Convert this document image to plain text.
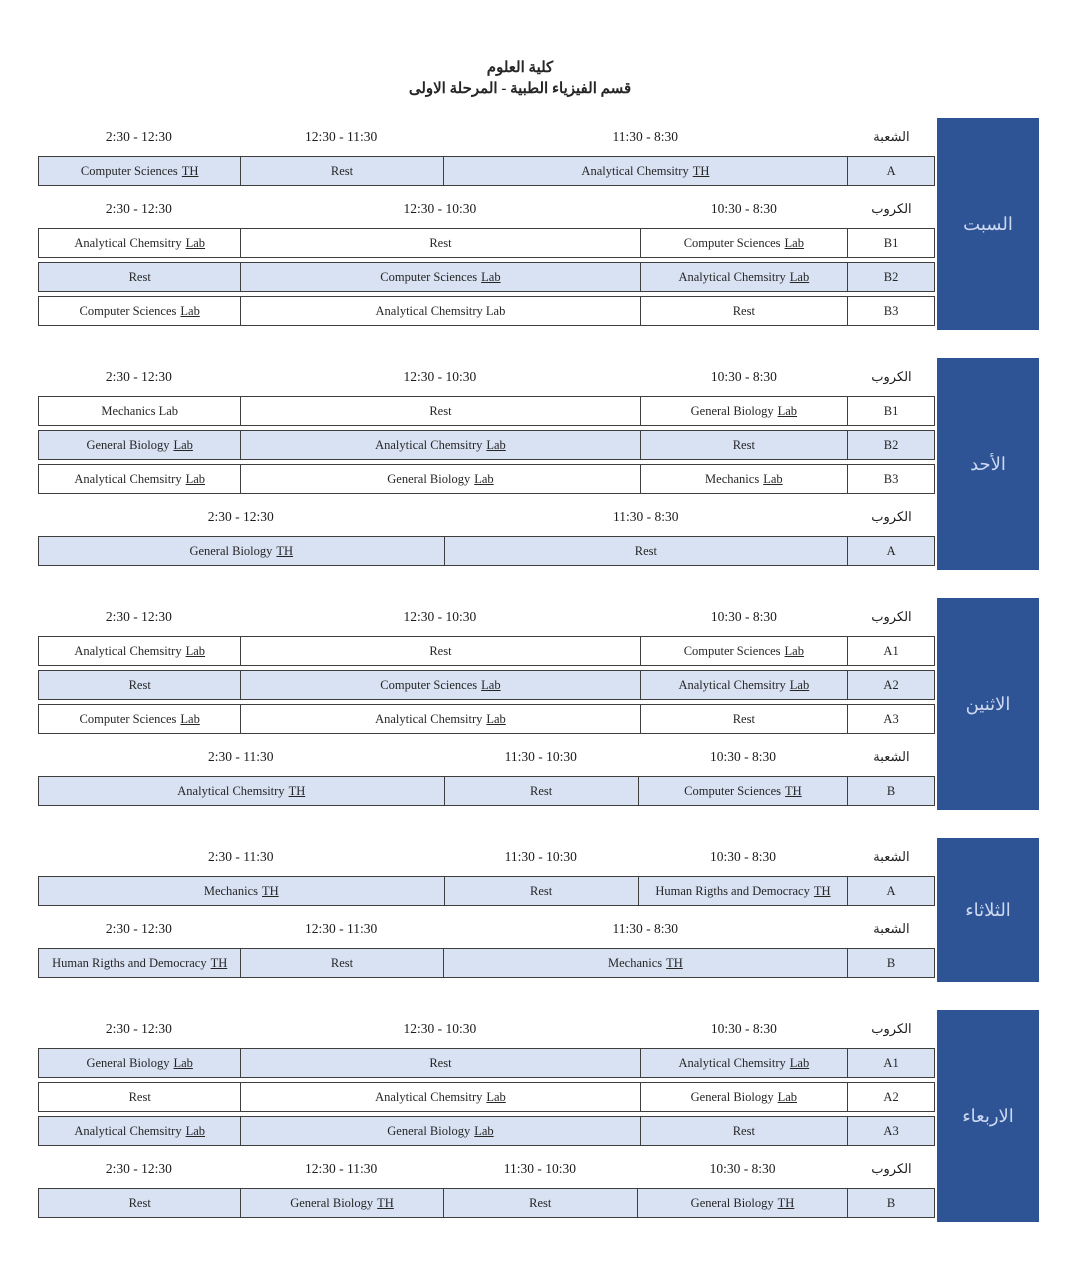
كلية العلوم
قسم الفيزياء الطبية - المرحلة الاولى
2:30 - 12:30	12:30 - 11:30	11:30 - 8:30	الشعبة
Computer Sciences TH	Rest	Analytical Chemsitry TH	A
2:30 - 12:30	12:30 - 10:30	10:30 - 8:30	الكروب
Analytical Chemsitry Lab	Rest	Computer Sciences Lab	B1
Rest	Computer Sciences Lab	Analytical Chemsitry Lab	B2
Computer Sciences Lab	Analytical Chemsitry Lab	Rest	B3
السبت
2:30 - 12:30	12:30 - 10:30	10:30 - 8:30	الكروب
Mechanics Lab	Rest	General Biology Lab	B1
General Biology Lab	Analytical Chemsitry Lab	Rest	B2
Analytical Chemsitry Lab	General Biology Lab	Mechanics Lab	B3
2:30 - 12:30	11:30 - 8:30	الكروب
General Biology TH	Rest	A
الأحد
2:30 - 12:30	12:30 - 10:30	10:30 - 8:30	الكروب
Analytical Chemsitry Lab	Rest	Computer Sciences Lab	A1
Rest	Computer Sciences Lab	Analytical Chemsitry Lab	A2
Computer Sciences Lab	Analytical Chemsitry Lab	Rest	A3
2:30 - 11:30	11:30 - 10:30	10:30 - 8:30	الشعبة
Analytical Chemsitry TH	Rest	Computer Sciences TH	B
الاثنين
2:30 - 11:30	11:30 - 10:30	10:30 - 8:30	الشعبة
Mechanics TH	Rest	Human Rigths and Democracy TH	A
2:30 - 12:30	12:30 - 11:30	11:30 - 8:30	الشعبة
Human Rigths and Democracy TH	Rest	Mechanics TH	B
الثلاثاء
2:30 - 12:30	12:30 - 10:30	10:30 - 8:30	الكروب
General Biology Lab	Rest	Analytical Chemsitry Lab	A1
Rest	Analytical Chemsitry Lab	General Biology Lab	A2
Analytical Chemsitry Lab	General Biology Lab	Rest	A3
2:30 - 12:30	12:30 - 11:30	11:30 - 10:30	10:30 - 8:30	الكروب
Rest	General Biology TH	Rest	General Biology TH	B
الاربعاء
